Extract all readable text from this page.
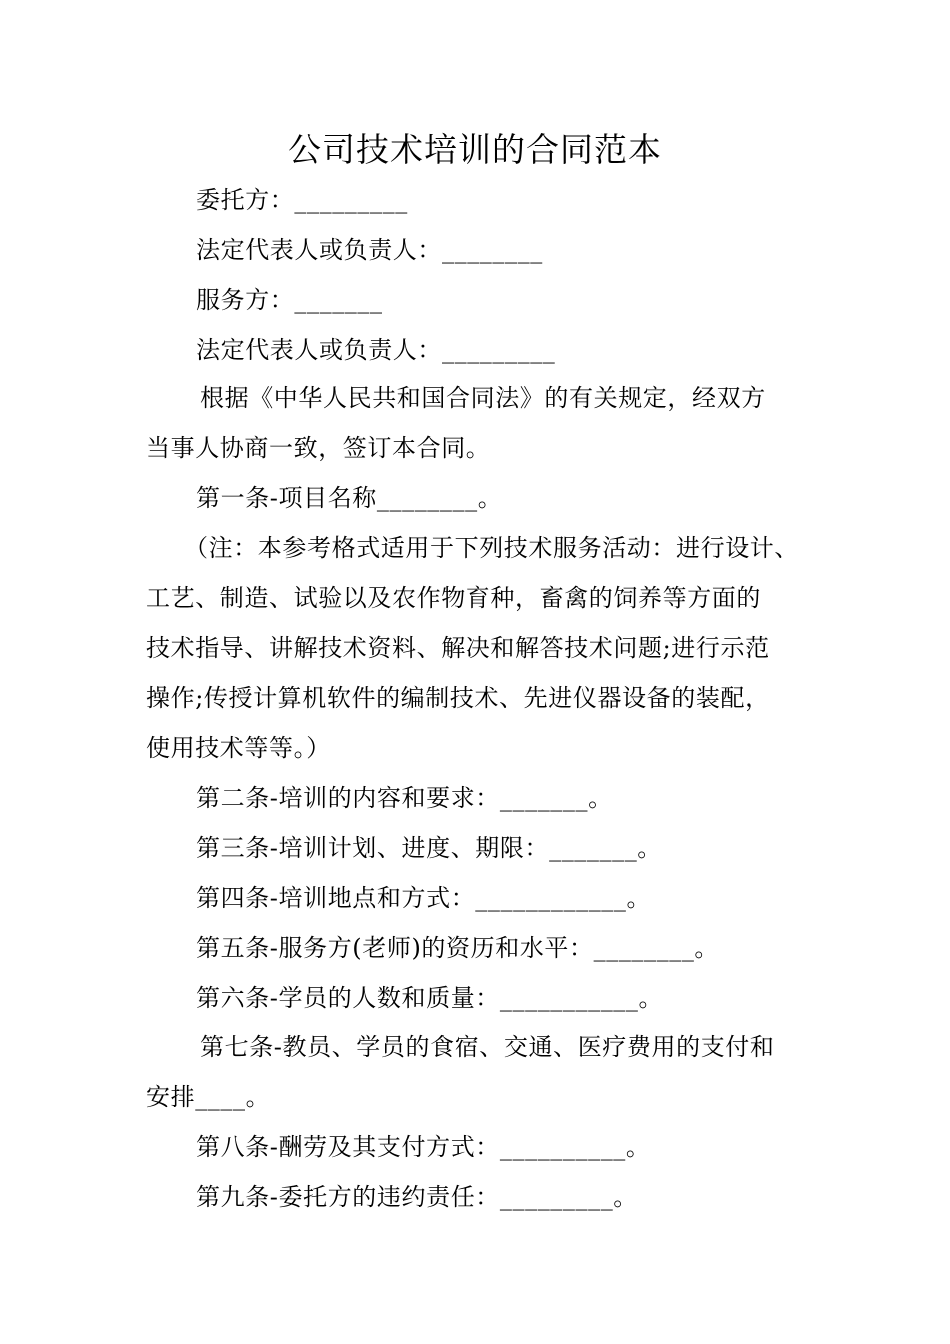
公司技术培训的合同范本
委托方：_________
法定代表人或负责人：________
服务方：_______
法定代表人或负责人：_________
根据《中华人民共和国合同法》的有关规定，经双方
当事人协商一致，签订本合同。
第一条-项目名称________。
（注：本参考格式适用于下列技术服务活动：进行设计、
工艺、制造、试验以及农作物育种，畜禽的饲养等方面的
技术指导、讲解技术资料、解决和解答技术问题;进行示范
操作;传授计算机软件的编制技术、先进仪器设备的装配，
使用技术等等。）
第二条-培训的内容和要求：_______。
第三条-培训计划、进度、期限：_______。
第四条-培训地点和方式：____________。
第五条-服务方(老师)的资历和水平：________。
第六条-学员的人数和质量：___________。
第七条-教员、学员的食宿、交通、医疗费用的支付和
安排____。
第八条-酬劳及其支付方式：__________。
第九条-委托方的违约责任：_________。
